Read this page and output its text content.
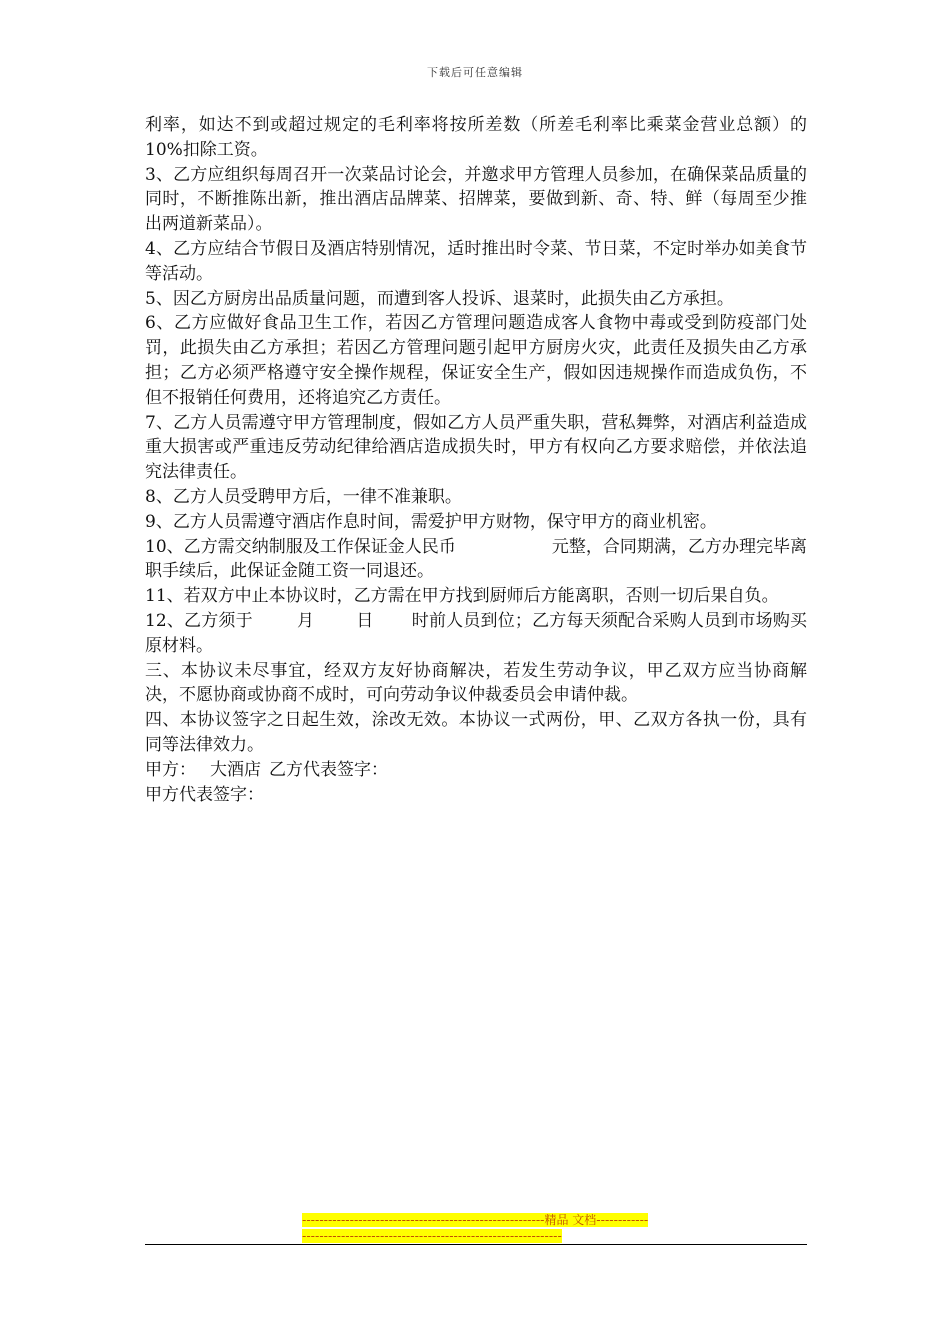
下载后可任意编辑

利率，如达不到或超过规定的毛利率将按所差数（所差毛利率比乘菜金营业总额）的 10%扣除工资。

3、乙方应组织每周召开一次菜品讨论会，并邀求甲方管理人员参加，在确保菜品质量的同时，不断推陈出新，推出酒店品牌菜、招牌菜，要做到新、奇、特、鲜（每周至少推出两道新菜品）。

4、乙方应结合节假日及酒店特别情况，适时推出时令菜、节日菜，不定时举办如美食节等活动。

5、因乙方厨房出品质量问题，而遭到客人投诉、退菜时，此损失由乙方承担。

6、乙方应做好食品卫生工作，若因乙方管理问题造成客人食物中毒或受到防疫部门处罚，此损失由乙方承担；若因乙方管理问题引起甲方厨房火灾，此责任及损失由乙方承担；乙方必须严格遵守安全操作规程，保证安全生产，假如因违规操作而造成负伤，不但不报销任何费用，还将追究乙方责任。

7、乙方人员需遵守甲方管理制度，假如乙方人员严重失职，营私舞弊，对酒店利益造成重大损害或严重违反劳动纪律给酒店造成损失时，甲方有权向乙方要求赔偿，并依法追究法律责任。

8、乙方人员受聘甲方后，一律不准兼职。

9、乙方人员需遵守酒店作息时间，需爱护甲方财物，保守甲方的商业机密。

10、乙方需交纳制服及工作保证金人民币	元整，合同期满，乙方办理完毕离职手续后，此保证金随工资一同退还。

11、若双方中止本协议时，乙方需在甲方找到厨师后方能离职，否则一切后果自负。

12、乙方须于	月 日 时前人员到位；乙方每天须配合采购人员到市场购买原材料。

三、本协议未尽事宜，经双方友好协商解决，若发生劳动争议，甲乙双方应当协商解决，不愿协商或协商不成时，可向劳动争议仲裁委员会申请仲裁。

四、本协议签字之日起生效，涂改无效。本协议一式两份，甲、乙双方各执一份，具有同等法律效力。

甲方： 大酒店 乙方代表签字：

甲方代表签字：

--------------------------------------------------------精品 文档------------------------------------------------------------------------
